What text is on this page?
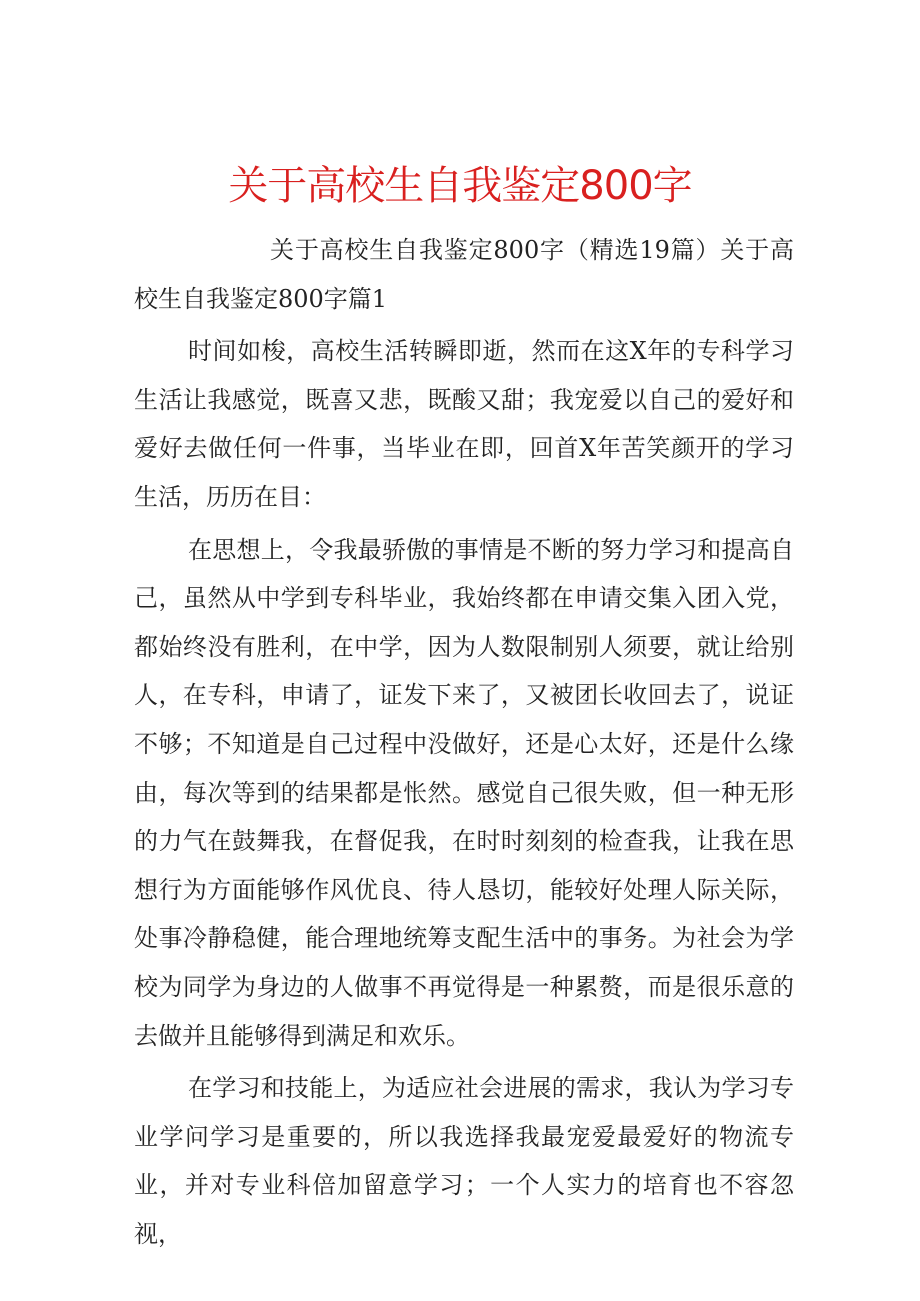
关于高校生自我鉴定800字

关于高校生自我鉴定800字（精选19篇）关于高校生自我鉴定800字篇1

时间如梭，高校生活转瞬即逝，然而在这X年的专科学习生活让我感觉，既喜又悲，既酸又甜；我宠爱以自己的爱好和爱好去做任何一件事，当毕业在即，回首X年苦笑颜开的学习生活，历历在目：

在思想上，令我最骄傲的事情是不断的努力学习和提高自己，虽然从中学到专科毕业，我始终都在申请交集入团入党，都始终没有胜利，在中学，因为人数限制别人须要，就让给别人，在专科，申请了，证发下来了，又被团长收回去了，说证不够；不知道是自己过程中没做好，还是心太好，还是什么缘由，每次等到的结果都是怅然。感觉自己很失败，但一种无形的力气在鼓舞我，在督促我，在时时刻刻的检查我，让我在思想行为方面能够作风优良、待人恳切，能较好处理人际关际，处事冷静稳健，能合理地统筹支配生活中的事务。为社会为学校为同学为身边的人做事不再觉得是一种累赘，而是很乐意的去做并且能够得到满足和欢乐。

在学习和技能上，为适应社会进展的需求，我认为学习专业学问学习是重要的，所以我选择我最宠爱最爱好的物流专业，并对专业科倍加留意学习；一个人实力的培育也不容忽视，
